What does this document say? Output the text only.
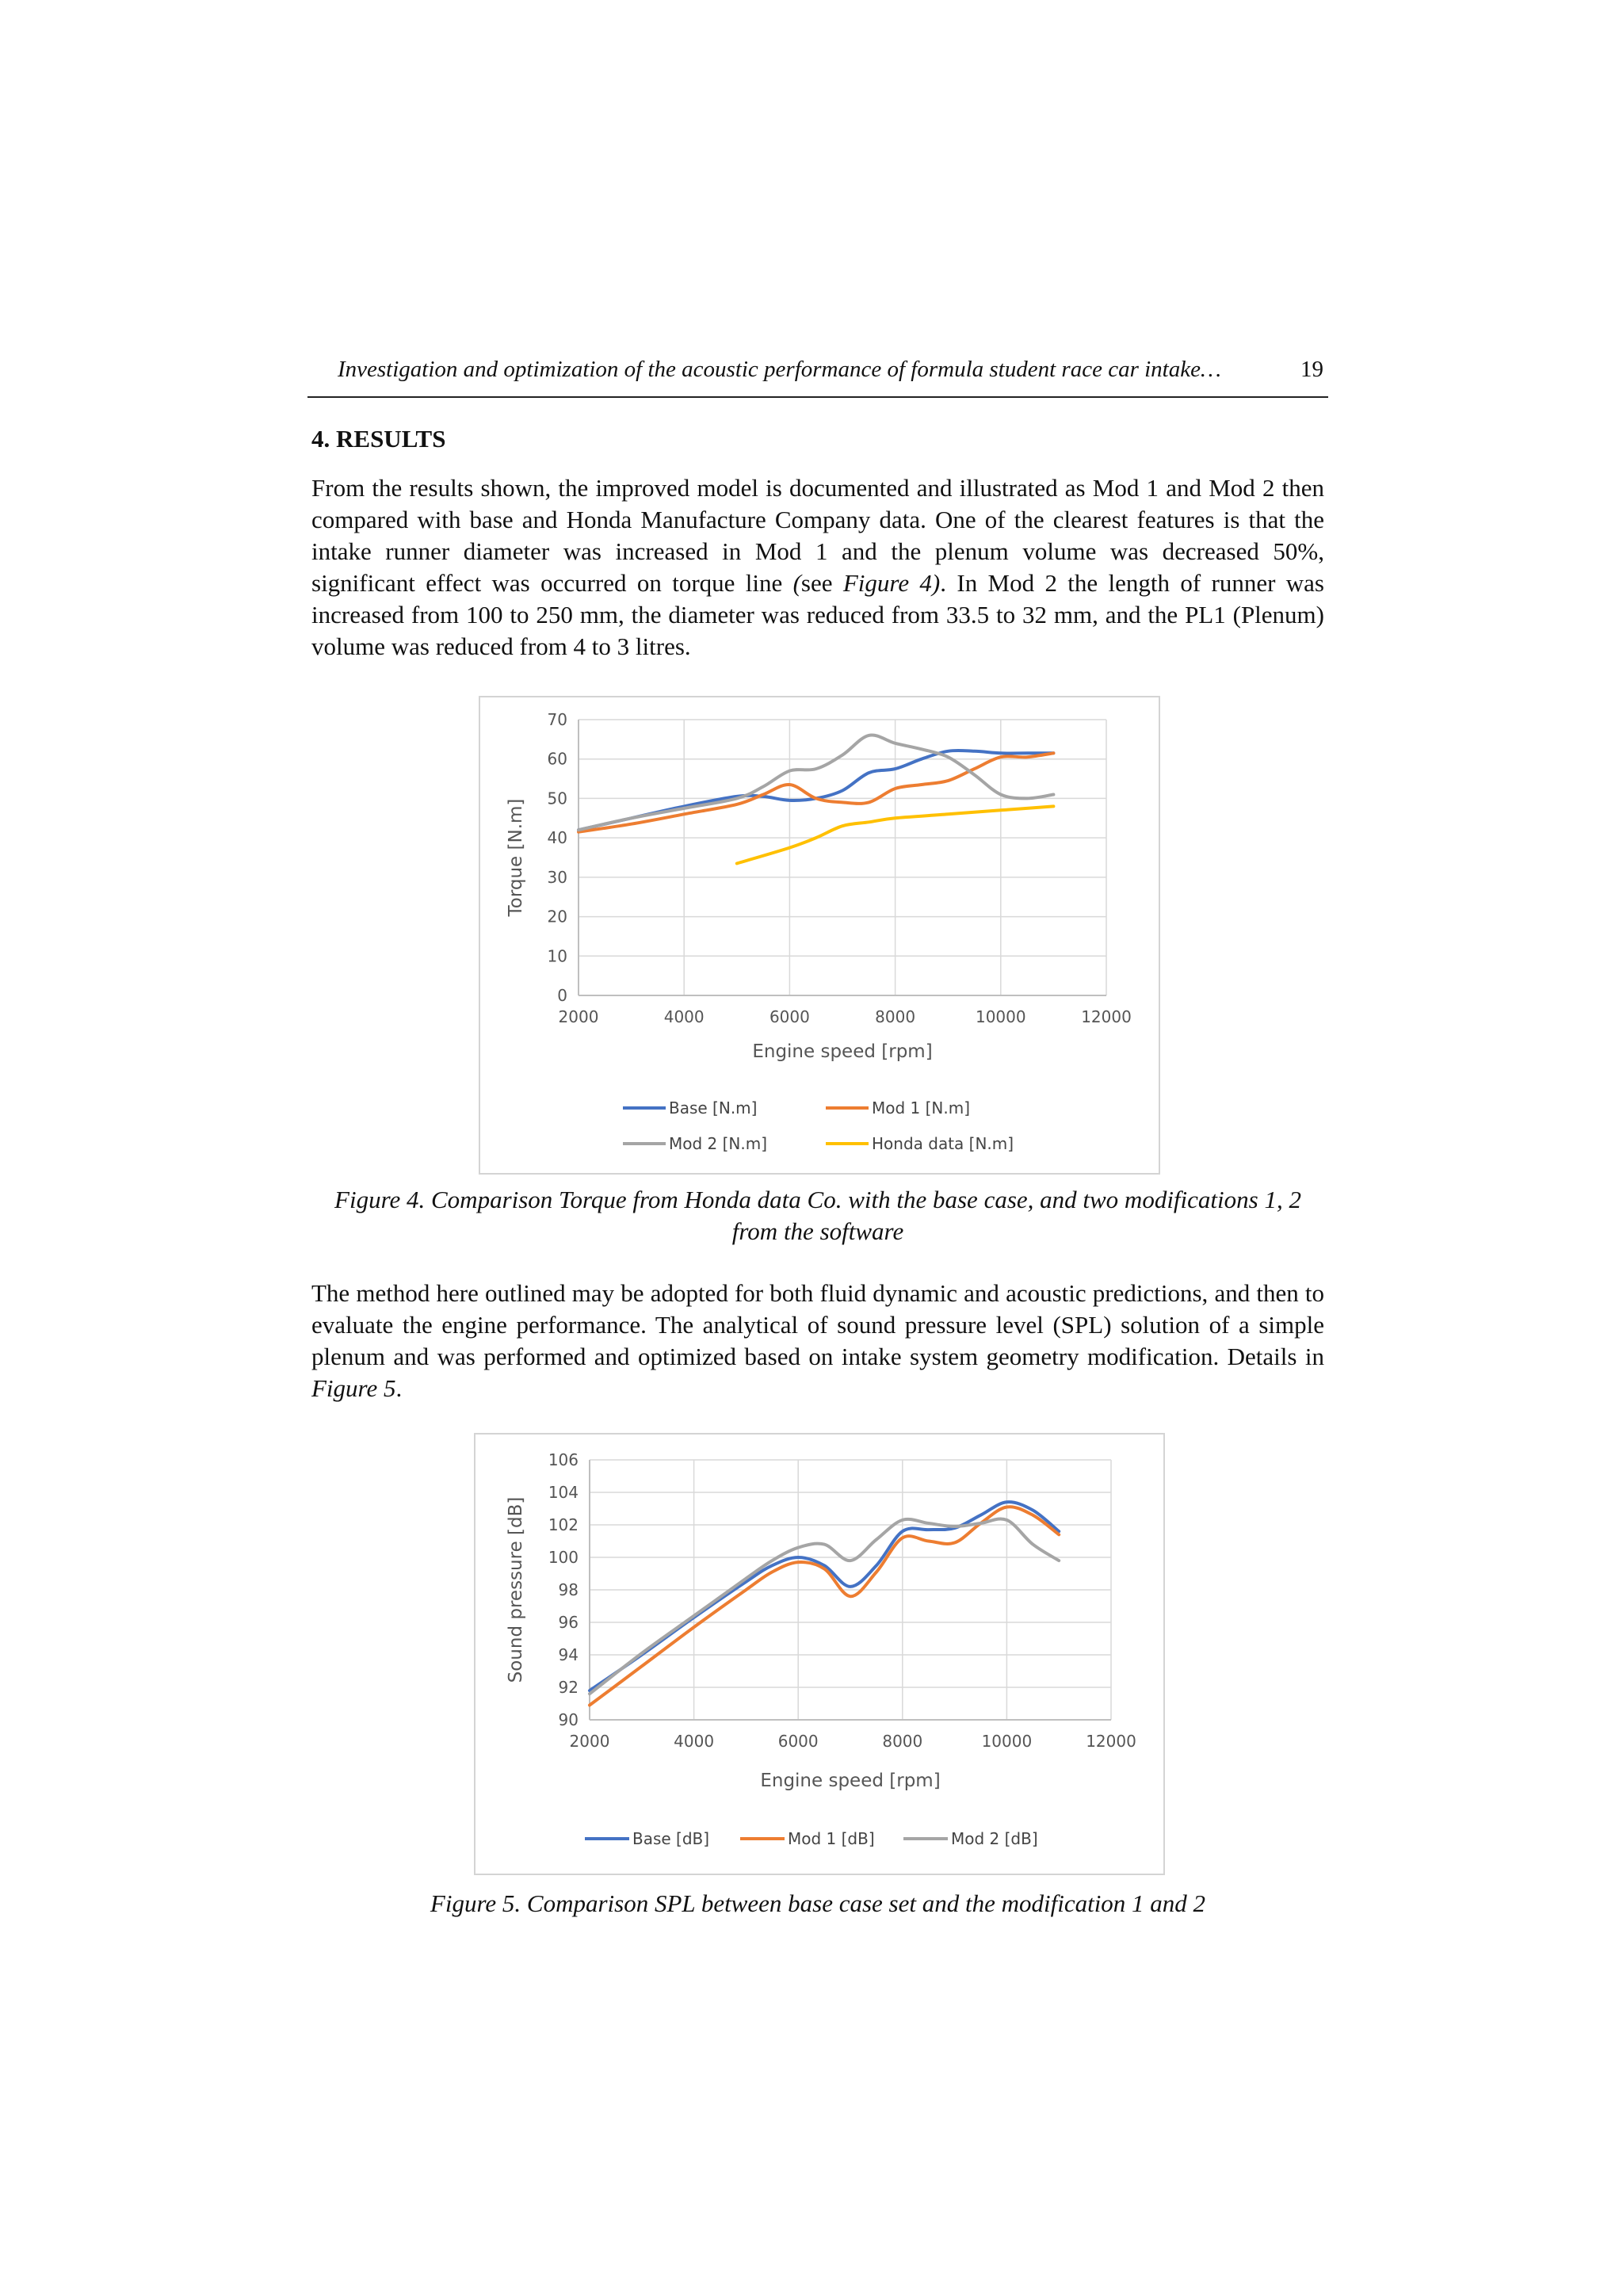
Investigation and optimization of the acoustic performance of formula student race car intake…	19
4. RESULTS

From the results shown, the improved model is documented and illustrated as Mod 1 and Mod 2 then compared with base and Honda Manufacture Company data. One of the clearest features is that the intake runner diameter was increased in Mod 1 and the plenum volume was decreased 50%, significant effect was occurred on torque line (see Figure 4). In Mod 2 the length of runner was increased from 100 to 250 mm, the diameter was reduced from 33.5 to 32 mm, and the PL1 (Plenum) volume was reduced from 4 to 3 litres.

0
10
20
30
40
50
60
70
2000	4000	6000	8000	10000	12000
Engine speed [rpm]
Torque [N.m]
Base [N.m]	Mod 1 [N.m]
Mod 2 [N.m]	Honda data [N.m]
Figure 4. Comparison Torque from Honda data Co. with the base case, and two modifications 1, 2 from the software

The method here outlined may be adopted for both fluid dynamic and acoustic predictions, and then to evaluate the engine performance. The analytical of sound pressure level (SPL) solution of a simple plenum and was performed and optimized based on intake system geometry modification. Details in Figure 5.

90
92
94
96
98
100
102
104
106
2000	4000	6000	8000	10000	12000
Engine speed [rpm]
Sound pressure [dB]
Base [dB]	Mod 1 [dB]	Mod 2 [dB]
Figure 5. Comparison SPL between base case set and the modification 1 and 2
